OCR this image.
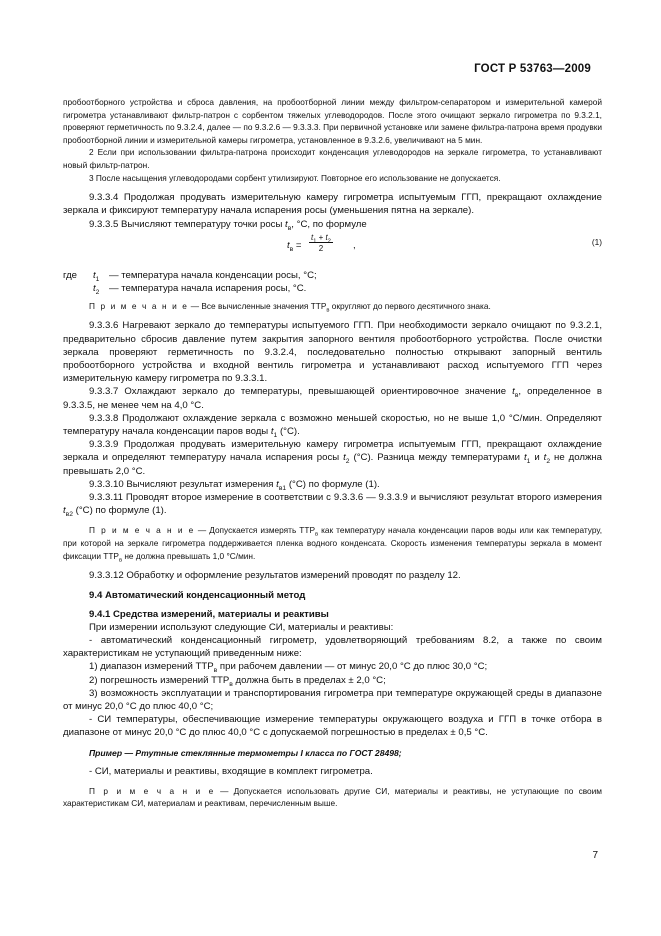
ГОСТ Р 53763—2009

пробоотборного устройства и сброса давления, на пробоотборной линии между фильтром-сепаратором и измерительной камерой гигрометра устанавливают фильтр-патрон с сорбентом тяжелых углеводородов. После этого очищают зеркало гигрометра по 9.3.2.1, проверяют герметичность по 9.3.2.4, далее — по 9.3.2.6 — 9.3.3.3. При первичной установке или замене фильтра-патрона время продувки пробоотборной линии и измерительной камеры гигрометра, установленное в 9.3.2.6, увеличивают на 5 мин.

2 Если при использовании фильтра-патрона происходит конденсация углеводородов на зеркале гигрометра, то устанавливают новый фильтр-патрон.

3 После насыщения углеводородами сорбент утилизируют. Повторное его использование не допускается.

9.3.3.4 Продолжая продувать измерительную камеру гигрометра испытуемым ГГП, прекращают охлаждение зеркала и фиксируют температуру начала испарения росы (уменьшения пятна на зеркале).

9.3.3.5 Вычисляют температуру точки росы $t_в$, °С, по формуле

$t_в = \frac{t_1 + t_2}{2}$ ,	(1)
где	$t_1$	— температура начала конденсации росы, °С;
	$t_2$	— температура начала испарения росы, °С.

П р и м е ч а н и е — Все вычисленные значения $ТТР_в$ округляют до первого десятичного знака.

9.3.3.6 Нагревают зеркало до температуры испытуемого ГГП. При необходимости зеркало очищают по 9.3.2.1, предварительно сбросив давление путем закрытия запорного вентиля пробоотборного устройства. После очистки зеркала проверяют герметичность по 9.3.2.4, последовательно полностью открывают запорный вентиль пробоотборного устройства и входной вентиль гигрометра и устанавливают расход испытуемого ГГП через измерительную камеру гигрометра по 9.3.3.1.

9.3.3.7 Охлаждают зеркало до температуры, превышающей ориентировочное значение $t_в$, определенное в 9.3.3.5, не менее чем на 4,0 °С.

9.3.3.8 Продолжают охлаждение зеркала с возможно меньшей скоростью, но не выше 1,0 °С/мин. Определяют температуру начала конденсации паров воды $t_1$ (°С).

9.3.3.9 Продолжая продувать измерительную камеру гигрометра испытуемым ГГП, прекращают охлаждение зеркала и определяют температуру начала испарения росы $t_2$ (°С). Разница между температурами $t_1$ и $t_2$ не должна превышать 2,0 °С.

9.3.3.10 Вычисляют результат измерения $t_{в1}$ (°С) по формуле (1).

9.3.3.11 Проводят второе измерение в соответствии с 9.3.3.6 — 9.3.3.9 и вычисляют результат второго измерения $t_{в2}$ (°С) по формуле (1).

П р и м е ч а н и е — Допускается измерять $ТТР_в$ как температуру начала конденсации паров воды или как температуру, при которой на зеркале гигрометра поддерживается пленка водного конденсата. Скорость изменения температуры зеркала в момент фиксации $ТТР_в$ не должна превышать 1,0 °С/мин.

9.3.3.12 Обработку и оформление результатов измерений проводят по разделу 12.

9.4 Автоматический конденсационный метод

9.4.1 Средства измерений, материалы и реактивы

При измерении используют следующие СИ, материалы и реактивы:

- автоматический конденсационный гигрометр, удовлетворяющий требованиям 8.2, а также по своим характеристикам не уступающий приведенным ниже:

1) диапазон измерений $ТТР_в$ при рабочем давлении — от минус 20,0 °С до плюс 30,0 °С;

2) погрешность измерений $ТТР_в$ должна быть в пределах ± 2,0 °С;

3) возможность эксплуатации и транспортирования гигрометра при температуре окружающей среды в диапазоне от минус 20,0 °С до плюс 40,0 °С;

- СИ температуры, обеспечивающие измерение температуры окружающего воздуха и ГГП в точке отбора в диапазоне от минус 20,0 °С до плюс 40,0 °С с допускаемой погрешностью в пределах ± 0,5 °С.

Пример — Ртутные стеклянные термометры I класса по ГОСТ 28498;

- СИ, материалы и реактивы, входящие в комплект гигрометра.

П р и м е ч а н и е — Допускается использовать другие СИ, материалы и реактивы, не уступающие по своим характеристикам СИ, материалам и реактивам, перечисленным выше.

7
